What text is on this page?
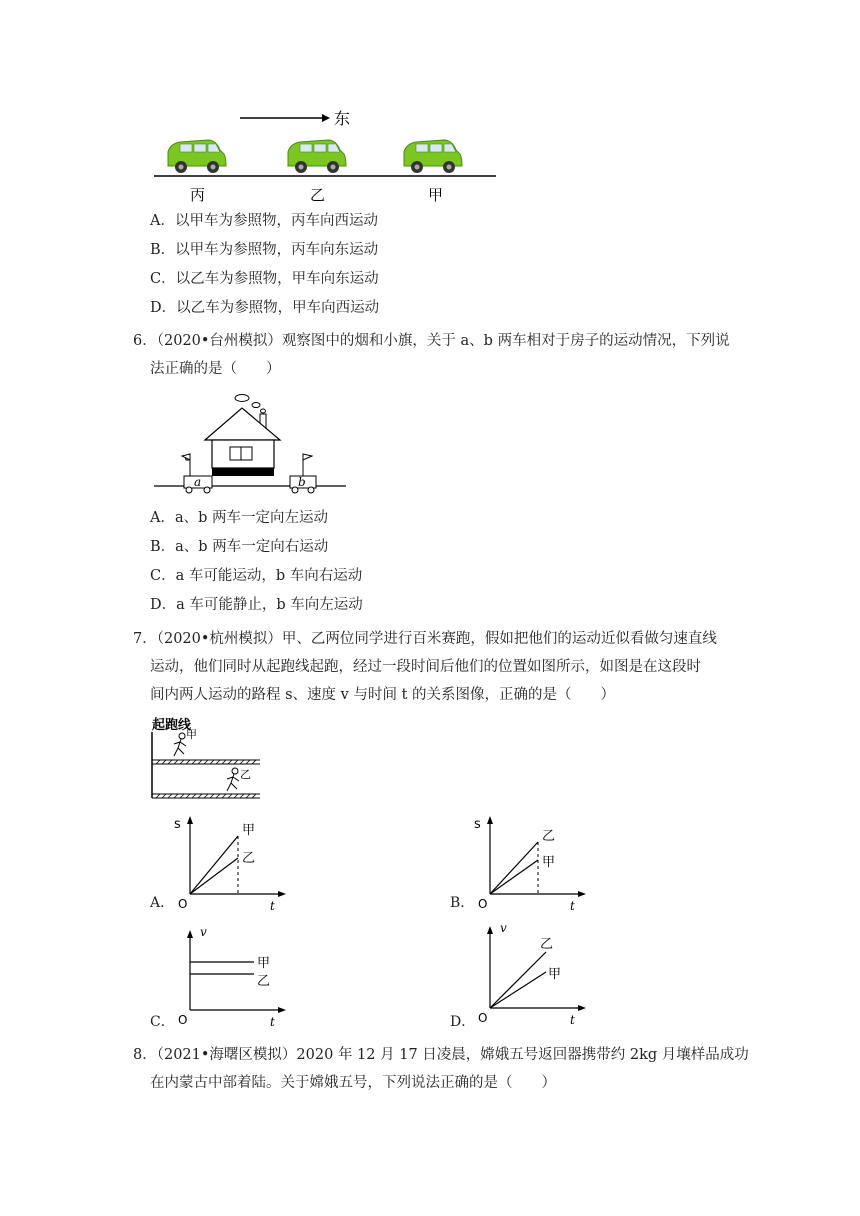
东
丙	乙	甲
A．以甲车为参照物，丙车向西运动
B．以甲车为参照物，丙车向东运动
C．以乙车为参照物，甲车向东运动
D．以乙车为参照物，甲车向西运动
6．（2020•台州模拟）观察图中的烟和小旗，关于 a、b 两车相对于房子的运动情况，下列说
法正确的是（　　）
a	b
A．a、b 两车一定向左运动
B．a、b 两车一定向右运动
C．a 车可能运动，b 车向右运动
D．a 车可能静止，b 车向左运动
7．（2020•杭州模拟）甲、乙两位同学进行百米赛跑，假如把他们的运动近似看做匀速直线
运动，他们同时从起跑线起跑，经过一段时间后他们的位置如图所示，如图是在这段时
间内两人运动的路程 s、速度 v 与时间 t 的关系图像，正确的是（　　）
起跑线
甲
乙
A．
s
O	t
甲
乙
B．
s
O	t
乙
甲
C．
v
O	t
甲
乙
D．
v
O	t
乙
甲
8．（2021•海曙区模拟）2020 年 12 月 17 日凌晨，嫦娥五号返回器携带约 2kg 月壤样品成功
在内蒙古中部着陆。关于嫦娥五号，下列说法正确的是（　　）
